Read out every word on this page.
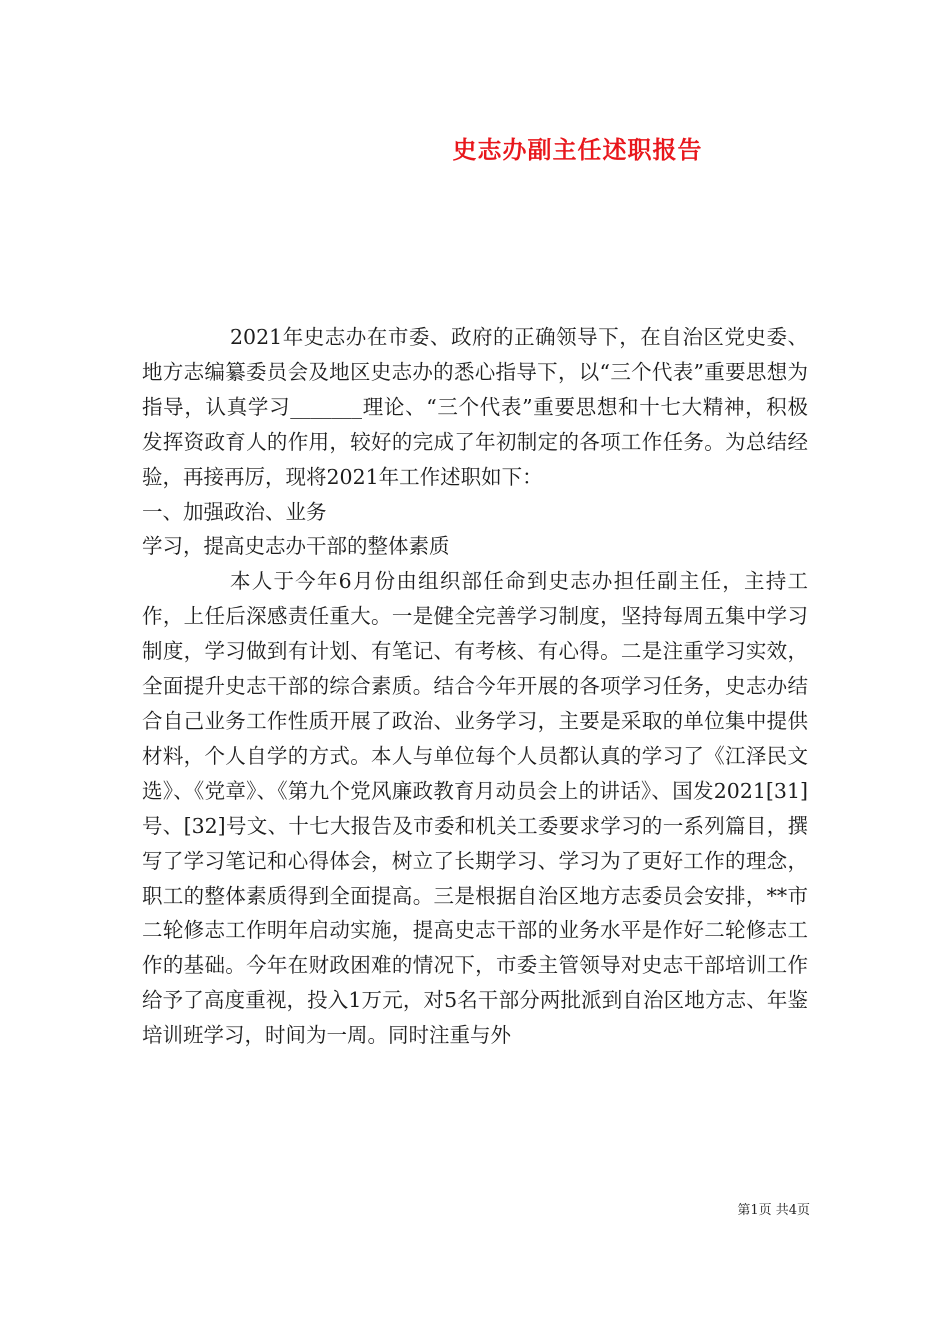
史志办副主任述职报告

2021年史志办在市委、政府的正确领导下，在自治区党史委、地方志编纂委员会及地区史志办的悉心指导下，以“三个代表”重要思想为指导，认真学习_______理论、“三个代表”重要思想和十七大精神，积极发挥资政育人的作用，较好的完成了年初制定的各项工作任务。为总结经验，再接再厉，现将2021年工作述职如下：

一、加强政治、业务

学习，提高史志办干部的整体素质

本人于今年6月份由组织部任命到史志办担任副主任，主持工作，上任后深感责任重大。一是健全完善学习制度，坚持每周五集中学习制度，学习做到有计划、有笔记、有考核、有心得。二是注重学习实效，全面提升史志干部的综合素质。结合今年开展的各项学习任务，史志办结合自己业务工作性质开展了政治、业务学习，主要是采取的单位集中提供材料，个人自学的方式。本人与单位每个人员都认真的学习了《江泽民文选》、《党章》、《第九个党风廉政教育月动员会上的讲话》、国发2021[31]号、[32]号文、十七大报告及市委和机关工委要求学习的一系列篇目，撰写了学习笔记和心得体会，树立了长期学习、学习为了更好工作的理念，职工的整体素质得到全面提高。三是根据自治区地方志委员会安排，**市二轮修志工作明年启动实施，提高史志干部的业务水平是作好二轮修志工作的基础。今年在财政困难的情况下，市委主管领导对史志干部培训工作给予了高度重视，投入1万元，对5名干部分两批派到自治区地方志、年鉴培训班学习，时间为一周。同时注重与外

第1页 共4页
